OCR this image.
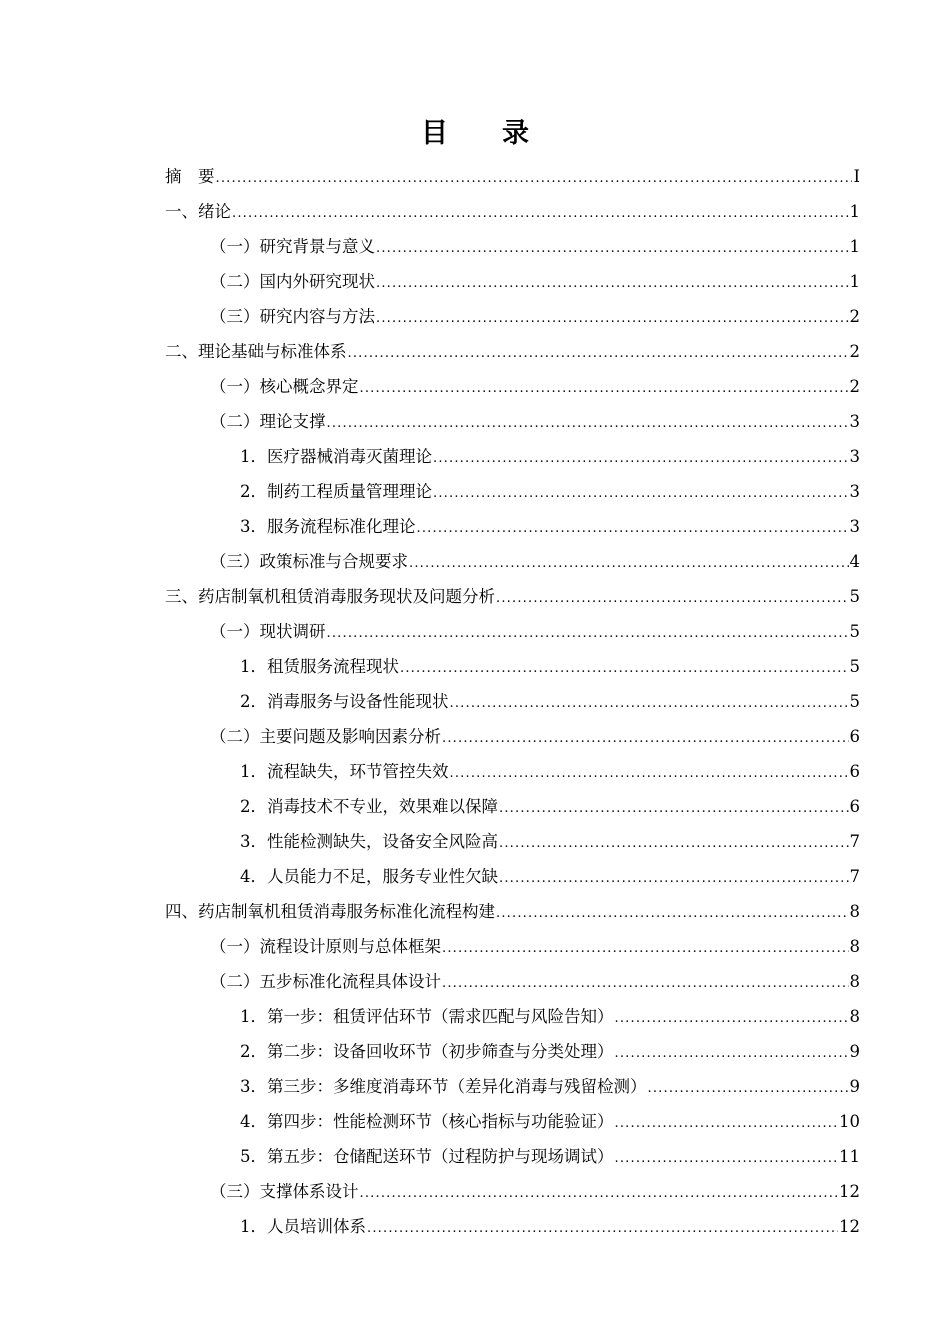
目录
摘　要 .....	I
一、绪论 .....	1
（一）研究背景与意义 .....	1
（二）国内外研究现状 .....	1
（三）研究内容与方法 .....	2
二、理论基础与标准体系 .....	2
（一）核心概念界定 .....	2
（二）理论支撑 .....	3
1．医疗器械消毒灭菌理论 .....	3
2．制药工程质量管理理论 .....	3
3．服务流程标准化理论 .....	3
（三）政策标准与合规要求 .....	4
三、药店制氧机租赁消毒服务现状及问题分析 .....	5
（一）现状调研 .....	5
1．租赁服务流程现状 .....	5
2．消毒服务与设备性能现状 .....	5
（二）主要问题及影响因素分析 .....	6
1．流程缺失，环节管控失效 .....	6
2．消毒技术不专业，效果难以保障 .....	6
3．性能检测缺失，设备安全风险高 .....	7
4．人员能力不足，服务专业性欠缺 .....	7
四、药店制氧机租赁消毒服务标准化流程构建 .....	8
（一）流程设计原则与总体框架 .....	8
（二）五步标准化流程具体设计 .....	8
1．第一步：租赁评估环节（需求匹配与风险告知） .....	8
2．第二步：设备回收环节（初步筛查与分类处理） .....	9
3．第三步：多维度消毒环节（差异化消毒与残留检测） .....	9
4．第四步：性能检测环节（核心指标与功能验证） .....	10
5．第五步：仓储配送环节（过程防护与现场调试） .....	11
（三）支撑体系设计 .....	12
1．人员培训体系 .....	12
